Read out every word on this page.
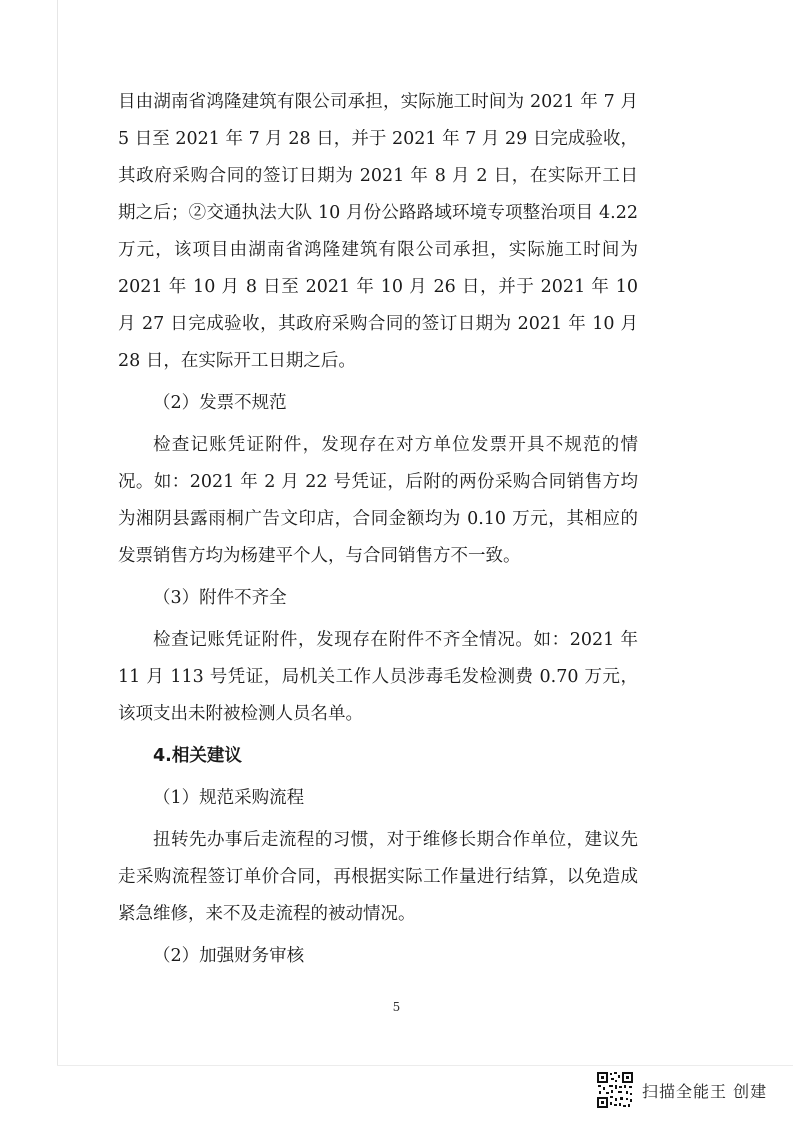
目由湖南省鸿隆建筑有限公司承担，实际施工时间为 2021 年 7 月 5 日至 2021 年 7 月 28 日，并于 2021 年 7 月 29 日完成验收，其政府采购合同的签订日期为 2021 年 8 月 2 日，在实际开工日期之后；②交通执法大队 10 月份公路路域环境专项整治项目 4.22 万元，该项目由湖南省鸿隆建筑有限公司承担，实际施工时间为 2021 年 10 月 8 日至 2021 年 10 月 26 日，并于 2021 年 10 月 27 日完成验收，其政府采购合同的签订日期为 2021 年 10 月 28 日，在实际开工日期之后。

（2）发票不规范

检查记账凭证附件，发现存在对方单位发票开具不规范的情况。如：2021 年 2 月 22 号凭证，后附的两份采购合同销售方均为湘阴县露雨桐广告文印店，合同金额均为 0.10 万元，其相应的发票销售方均为杨建平个人，与合同销售方不一致。

（3）附件不齐全

检查记账凭证附件，发现存在附件不齐全情况。如：2021 年 11 月 113 号凭证，局机关工作人员涉毒毛发检测费 0.70 万元，该项支出未附被检测人员名单。

4.相关建议

（1）规范采购流程

扭转先办事后走流程的习惯，对于维修长期合作单位，建议先走采购流程签订单价合同，再根据实际工作量进行结算，以免造成紧急维修，来不及走流程的被动情况。

（2）加强财务审核

5
扫描全能王 创建
